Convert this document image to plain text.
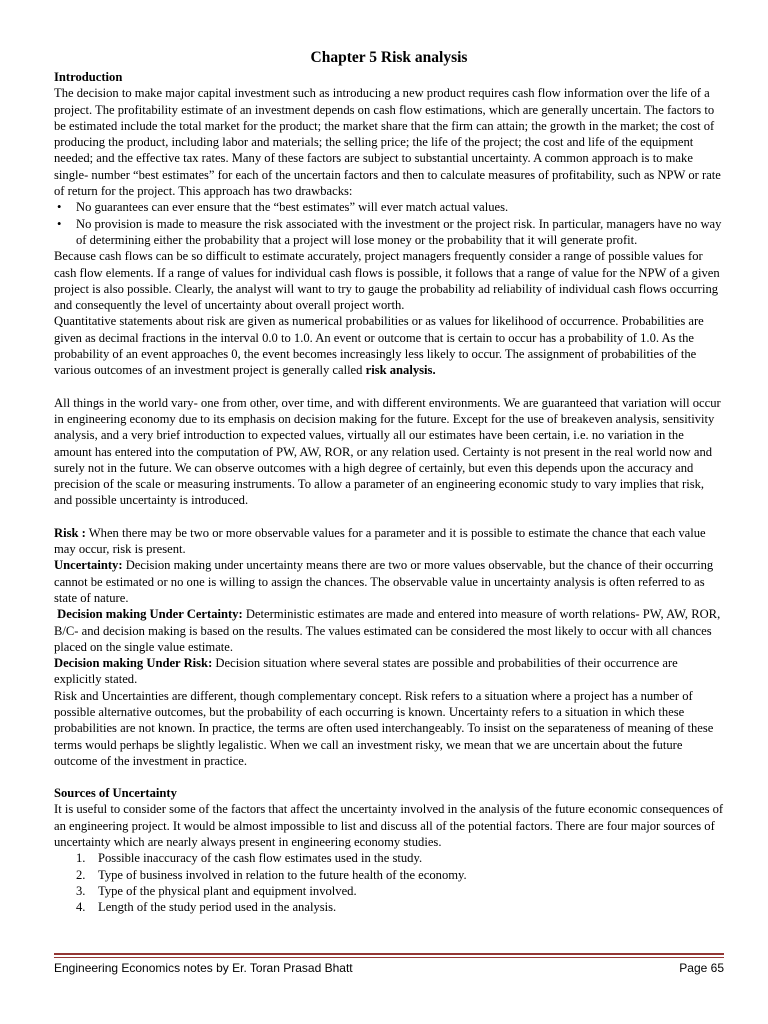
Chapter 5 Risk analysis
Introduction

The decision to make major capital investment such as introducing a new product requires cash flow information over the life of a project. The profitability estimate of an investment depends on cash flow estimations, which are generally uncertain. The factors to be estimated include the total market for the product; the market share that the firm can attain; the growth in the market; the cost of producing the product, including labor and materials; the selling price; the life of the project; the cost and life of the equipment needed; and the effective tax rates. Many of these factors are subject to substantial uncertainty. A common approach is to make single- number “best estimates” for each of the uncertain factors and then to calculate measures of profitability, such as NPW or rate of return for the project. This approach has two drawbacks:

• No guarantees can ever ensure that the “best estimates” will ever match actual values.
• No provision is made to measure the risk associated with the investment or the project risk. In particular, managers have no way of determining either the probability that a project will lose money or the probability that it will generate profit.

Because cash flows can be so difficult to estimate accurately, project managers frequently consider a range of possible values for cash flow elements. If a range of values for individual cash flows is possible, it follows that a range of value for the NPW of a given project is also possible. Clearly, the analyst will want to try to gauge the probability ad reliability of individual cash flows occurring and consequently the level of uncertainty about overall project worth.

Quantitative statements about risk are given as numerical probabilities or as values for likelihood of occurrence. Probabilities are given as decimal fractions in the interval 0.0 to 1.0. An event or outcome that is certain to occur has a probability of 1.0. As the probability of an event approaches 0, the event becomes increasingly less likely to occur. The assignment of probabilities of the various outcomes of an investment project is generally called risk analysis.

All things in the world vary- one from other, over time, and with different environments. We are guaranteed that variation will occur in engineering economy due to its emphasis on decision making for the future. Except for the use of breakeven analysis, sensitivity analysis, and a very brief introduction to expected values, virtually all our estimates have been certain, i.e. no variation in the amount has entered into the computation of PW, AW, ROR, or any relation used. Certainty is not present in the real world now and surely not in the future. We can observe outcomes with a high degree of certainly, but even this depends upon the accuracy and precision of the scale or measuring instruments. To allow a parameter of an engineering economic study to vary implies that risk, and possible uncertainty is introduced.

Risk : When there may be two or more observable values for a parameter and it is possible to estimate the chance that each value may occur, risk is present.

Uncertainty: Decision making under uncertainty means there are two or more values observable, but the chance of their occurring cannot be estimated or no one is willing to assign the chances. The observable value in uncertainty analysis is often referred to as state of nature.

Decision making Under Certainty: Deterministic estimates are made and entered into measure of worth relations- PW, AW, ROR, B/C- and decision making is based on the results. The values estimated can be considered the most likely to occur with all chances placed on the single value estimate.

Decision making Under Risk: Decision situation where several states are possible and probabilities of their occurrence are explicitly stated.

Risk and Uncertainties are different, though complementary concept. Risk refers to a situation where a project has a number of possible alternative outcomes, but the probability of each occurring is known. Uncertainty refers to a situation in which these probabilities are not known. In practice, the terms are often used interchangeably. To insist on the separateness of meaning of these terms would perhaps be slightly legalistic. When we call an investment risky, we mean that we are uncertain about the future outcome of the investment in practice.

Sources of Uncertainty

It is useful to consider some of the factors that affect the uncertainty involved in the analysis of the future economic consequences of an engineering project. It would be almost impossible to list and discuss all of the potential factors. There are four major sources of uncertainty which are nearly always present in engineering economy studies.

1. Possible inaccuracy of the cash flow estimates used in the study.
2. Type of business involved in relation to the future health of the economy.
3. Type of the physical plant and equipment involved.
4. Length of the study period used in the analysis.
Engineering Economics notes by Er. Toran Prasad Bhatt	Page 65
